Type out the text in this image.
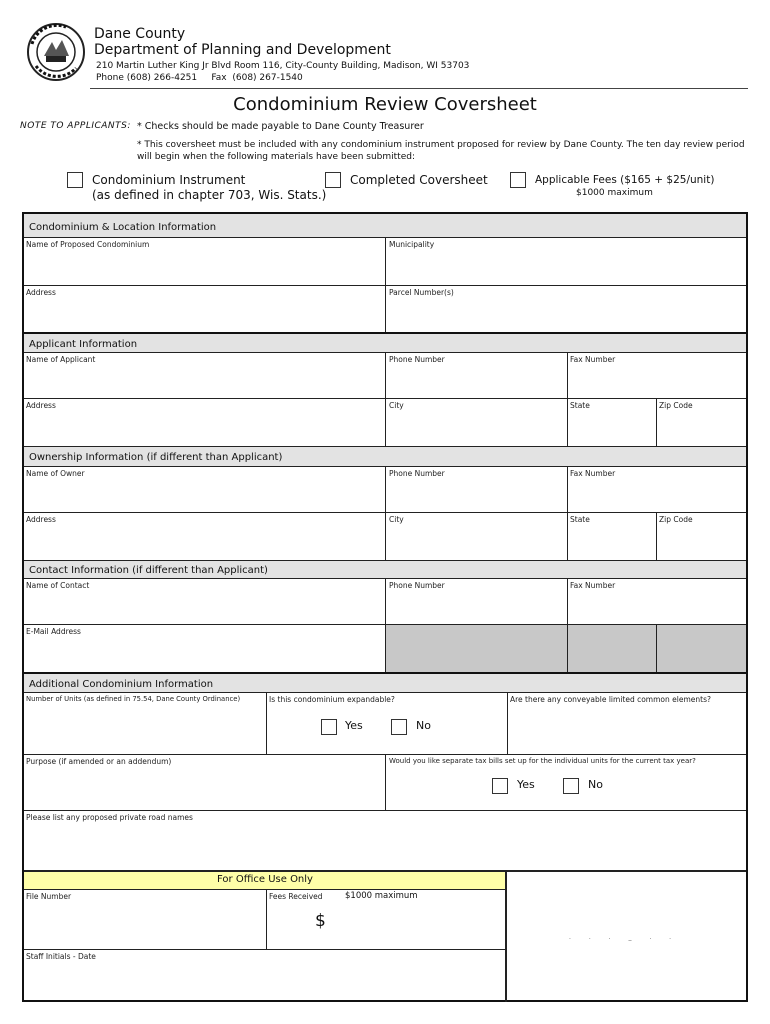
Dane County
Department of Planning and Development
210 Martin Luther King Jr Blvd Room 116, City-County Building, Madison, WI 53703
Phone (608) 266-4251     Fax  (608) 267-1540
Condominium Review Coversheet
NOTE TO APPLICANTS: * Checks should be made payable to Dane County Treasurer
* This coversheet must be included with any condominium instrument proposed for review by Dane County. The ten day review period will begin when the following materials have been submitted:
Condominium Instrument
(as defined in chapter 703, Wis. Stats.)
Completed Coversheet	Applicable Fees ($165 + $25/unit)
$1000 maximum
Condominium & Location Information
Name of Proposed Condominium	Municipality
Address	Parcel Number(s)
Applicant Information
Name of Applicant	Phone Number	Fax Number
Address	City	State	Zip Code
Ownership Information (if different than Applicant)
Name of Owner	Phone Number	Fax Number
Address	City	State	Zip Code
Contact Information (if different than Applicant)
Name of Contact	Phone Number	Fax Number
E-Mail Address
Additional Condominium Information
Number of Units (as defined in 75.54, Dane County Ordinance)	Is this condominium expandable?	Are there any conveyable limited common elements?
Yes	No
Purpose (if amended or an addendum)	Would you like separate tax bills set up for the individual units for the current tax year?
Yes	No
Please list any proposed private road names
For Office Use Only
File Number	Fees Received	$1000 maximum
$
Staff Initials - Date
. . . _ . .
